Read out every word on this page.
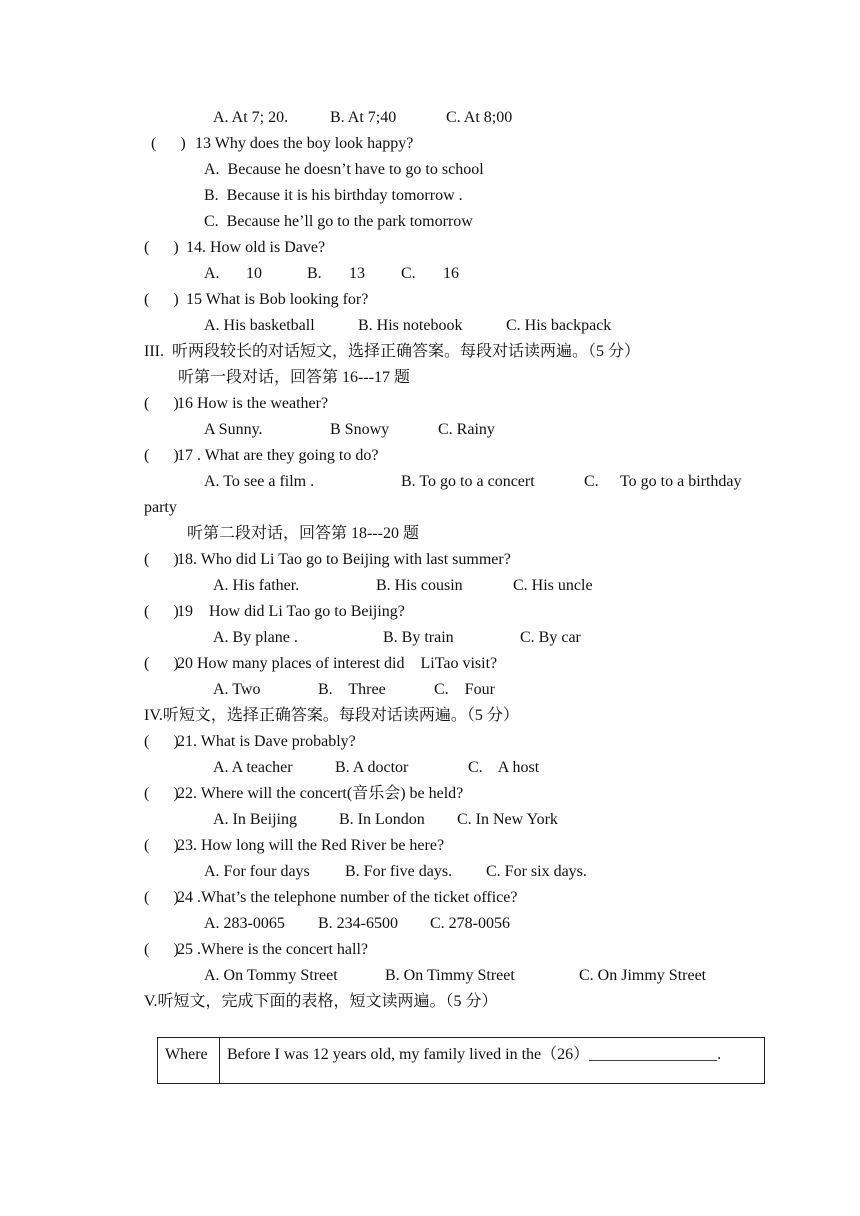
A. At 7; 20.	B. At 7;40	C. At 8;00
(      ) 13 Why does the boy look happy?
A.  Because he doesn’t have to go to school
B.  Because it is his birthday tomorrow .
C.  Because he’ll go to the park tomorrow
(      ) 14. How old is Dave?
A. 10	B. 13 C. 16
(      ) 15 What is Bob looking for?
A. His basketball	B. His notebook	C. His backpack
III.  听两段较长的对话短文，选择正确答案。每段对话读两遍。（5 分）
听第一段对话，回答第 16---17 题
(      )
16 How is the weather?
A Sunny.	B Snowy	C. Rainy
(      )
17 . What are they going to do?
A. To see a film .	B. To go to a concert	C. To go to a birthday
party
听第二段对话，回答第 18---20 题
(      )
18. Who did Li Tao go to Beijing with last summer?
A. His father.	B. His cousin	C. His uncle
(      )
19    How did Li Tao go to Beijing?
A. By plane .	B. By train	C. By car
(      )
20 How many places of interest did    LiTao visit?
A. Two	B.    Three	C.    Four
IV.听短文，选择正确答案。每段对话读两遍。（5 分）
(      )
21. What is Dave probably?
A. A teacher	B. A doctor	C.    A host
(      )
22. Where will the concert(音乐会) be held?
A. In Beijing	B. In London C. In New York
(      )
23. How long will the Red River be here?
A. For four days B. For five days. C. For six days.
(      )
24 .What’s the telephone number of the ticket office?
A. 283-0065 B. 234-6500 C. 278-0056
(      )
25 .Where is the concert hall?
A. On Tommy Street	B. On Timmy Street	C. On Jimmy Street
V.听短文，完成下面的表格，短文读两遍。（5 分）
Where	Before I was 12 years old, my family lived in the（26）________________.
